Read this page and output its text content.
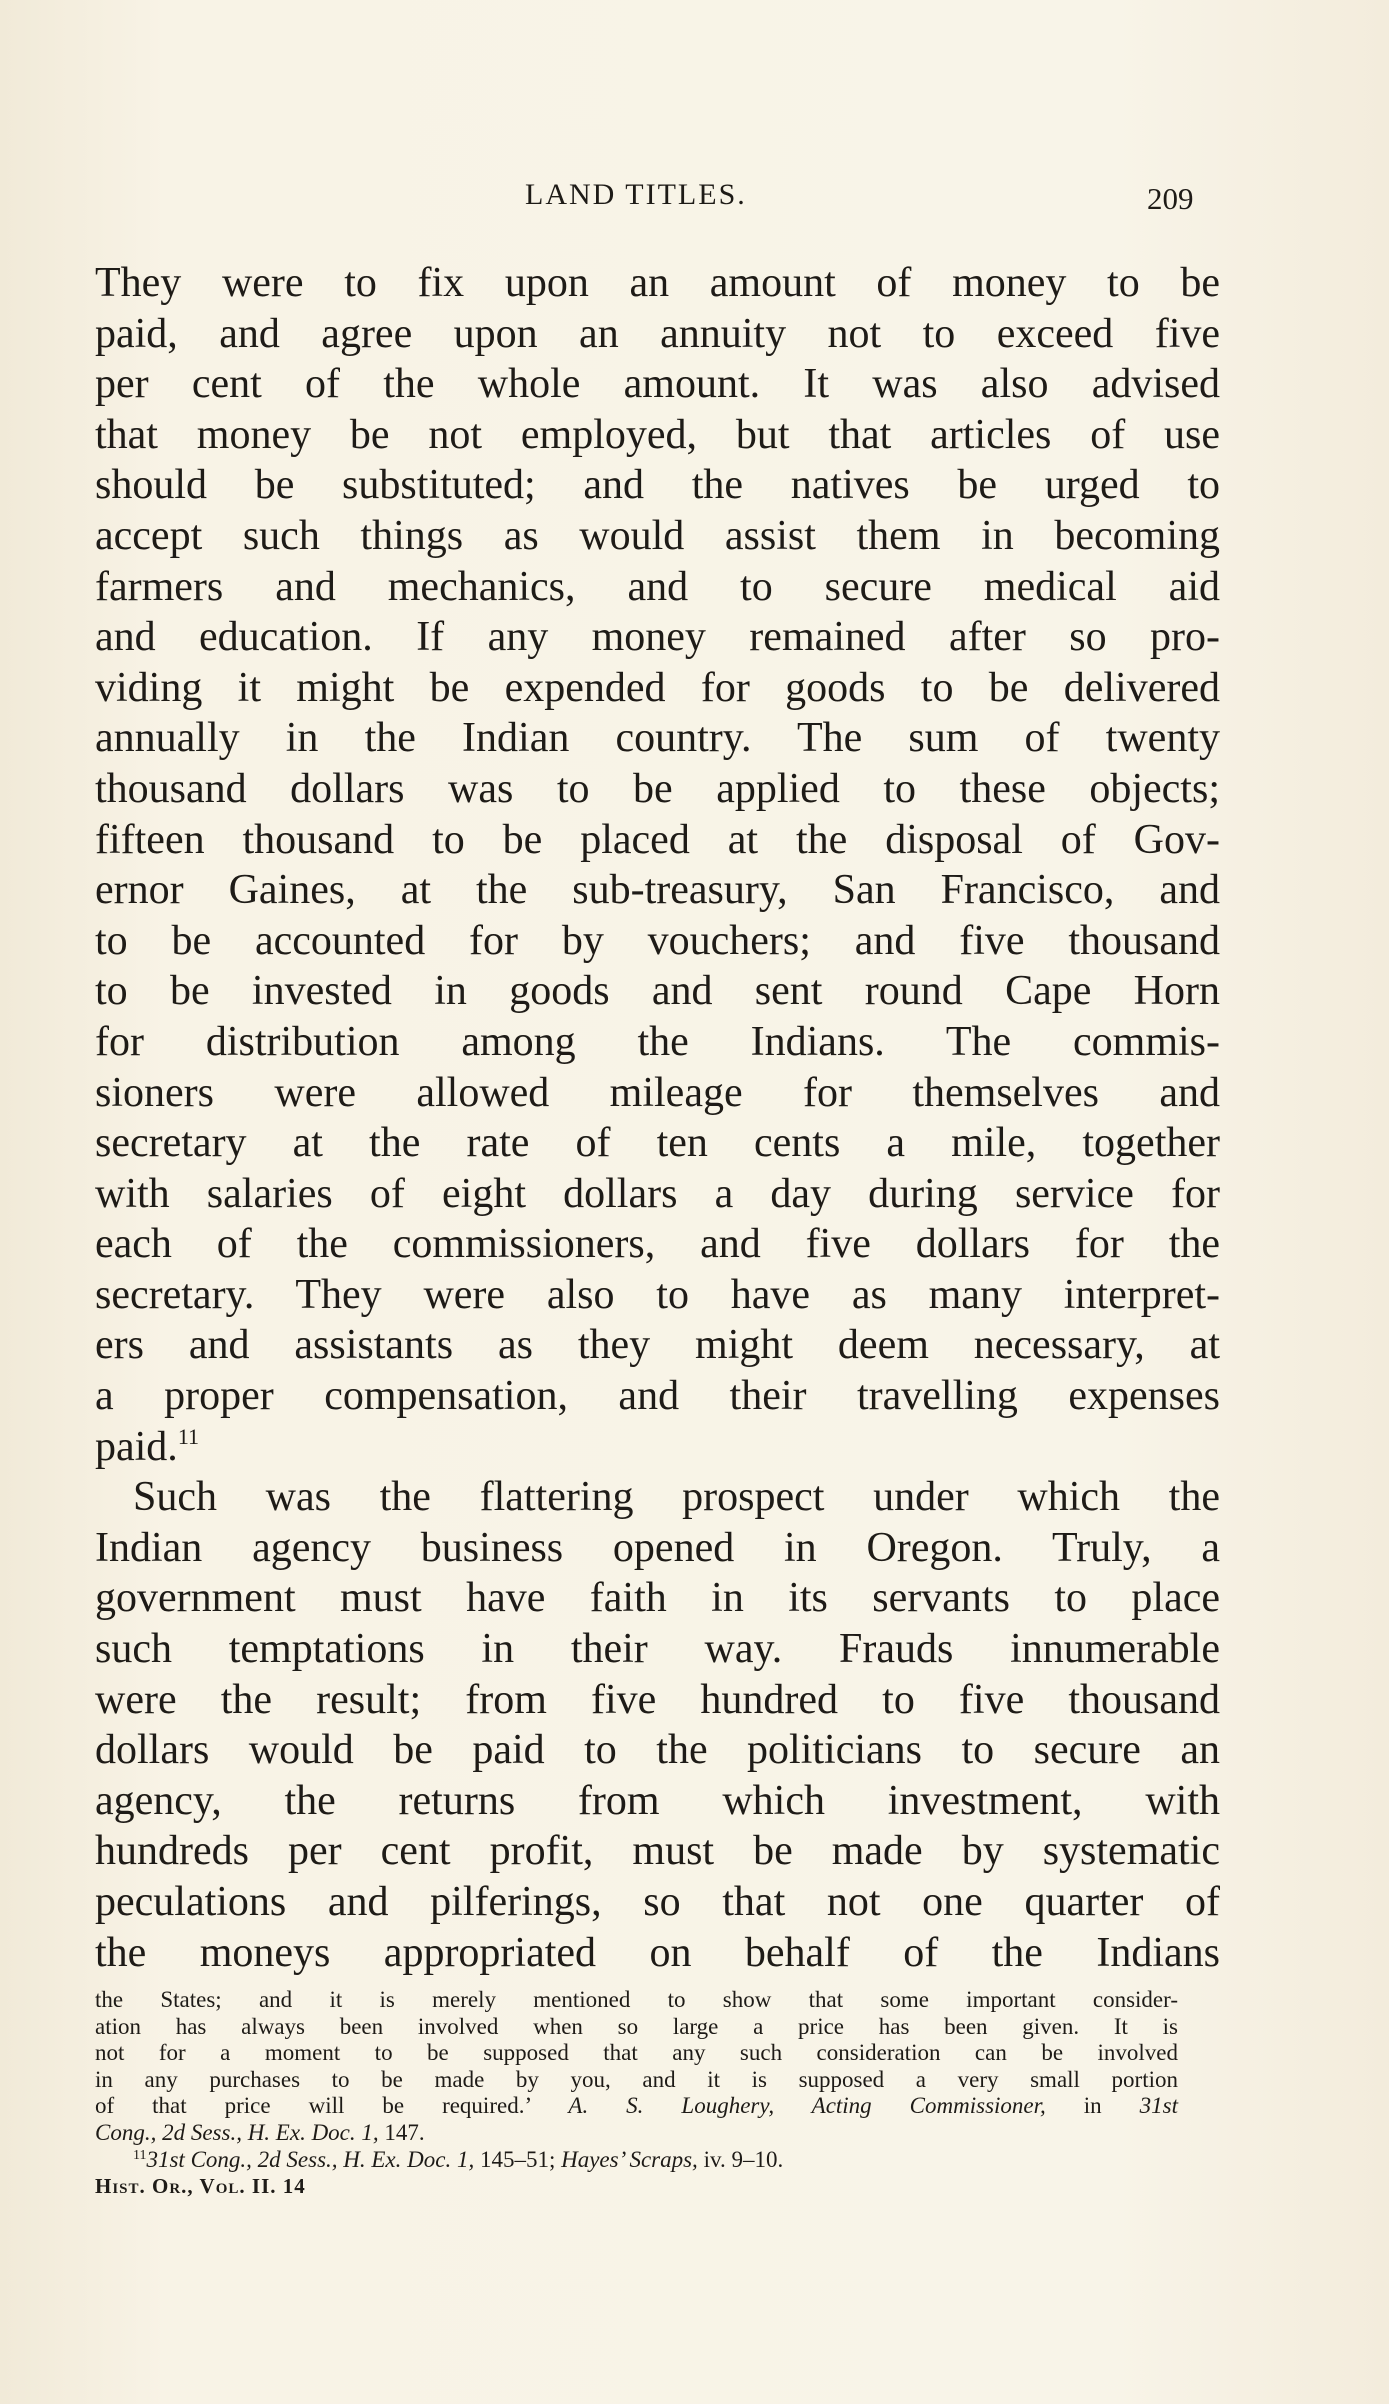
LAND TITLES.	209
They were to fix upon an amount of money to be
paid, and agree upon an annuity not to exceed five
per cent of the whole amount. It was also advised
that money be not employed, but that articles of use
should be substituted; and the natives be urged to
accept such things as would assist them in becoming
farmers and mechanics, and to secure medical aid
and education. If any money remained after so pro-
viding it might be expended for goods to be delivered
annually in the Indian country. The sum of twenty
thousand dollars was to be applied to these objects;
fifteen thousand to be placed at the disposal of Gov-
ernor Gaines, at the sub-treasury, San Francisco, and
to be accounted for by vouchers; and five thousand
to be invested in goods and sent round Cape Horn
for distribution among the Indians. The commis-
sioners were allowed mileage for themselves and
secretary at the rate of ten cents a mile, together
with salaries of eight dollars a day during service for
each of the commissioners, and five dollars for the
secretary. They were also to have as many interpret-
ers and assistants as they might deem necessary, at
a proper compensation, and their travelling expenses
paid.$^{11}$
Such was the flattering prospect under which the
Indian agency business opened in Oregon. Truly, a
government must have faith in its servants to place
such temptations in their way. Frauds innumerable
were the result; from five hundred to five thousand
dollars would be paid to the politicians to secure an
agency, the returns from which investment, with
hundreds per cent profit, must be made by systematic
peculations and pilferings, so that not one quarter of
the moneys appropriated on behalf of the Indians
the States; and it is merely mentioned to show that some important consider-
ation has always been involved when so large a price has been given. It is
not for a moment to be supposed that any such consideration can be involved
in any purchases to be made by you, and it is supposed a very small portion
of that price will be required.’ A. S. Loughery, Acting Commissioner, in 31st
Cong., 2d Sess., H. Ex. Doc. 1, 147.
$^{11}$31st Cong., 2d Sess., H. Ex. Doc. 1, 145–51; Hayes’ Scraps, iv. 9–10.
Hist. Or., Vol. II. 14
